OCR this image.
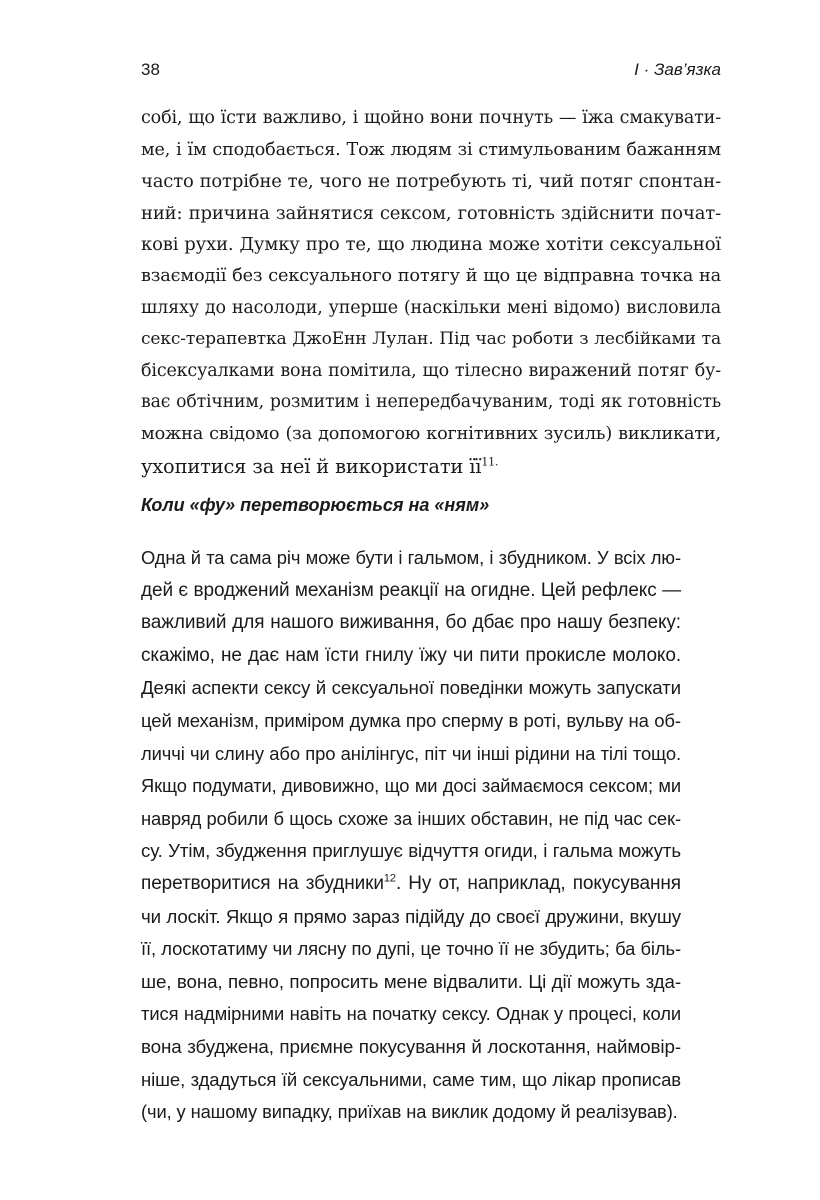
38	I · Зав’язка
собі, що їсти важливо, і щойно вони почнуть — їжа смакувати-
ме, і їм сподобається. Тож людям зі стимульованим бажанням
часто потрібне те, чого не потребують ті, чий потяг спонтан-
ний: причина зайнятися сексом, готовність здійснити почат-
кові рухи. Думку про те, що людина може хотіти сексуальної
взаємодії без сексуального потягу й що це відправна точка на
шляху до насолоди, уперше (наскільки мені відомо) висловила
секс-терапевтка ДжоЕнн Лулан. Під час роботи з лесбійками та
бісексуалками вона помітила, що тілесно виражений потяг бу-
ває обтічним, розмитим і непередбачуваним, тоді як готовність
можна свідомо (за допомогою когнітивних зусиль) викликати,
ухопитися за неї й використати $її^{11.}$
Коли «фу» перетворюється на «ням»
Одна й та сама річ може бути і гальмом, і збудником. У всіх лю-
дей є вроджений механізм реакції на огидне. Цей рефлекс —
важливий для нашого виживання, бо дбає про нашу безпеку:
скажімо, не дає нам їсти гнилу їжу чи пити прокисле молоко.
Деякі аспекти сексу й сексуальної поведінки можуть запускати
цей механізм, приміром думка про сперму в роті, вульву на об-
личчі чи слину або про анілінгус, піт чи інші рідини на тілі тощо.
Якщо подумати, дивовижно, що ми досі займаємося сексом; ми
навряд робили б щось схоже за інших обставин, не під час сек-
су. Утім, збудження приглушує відчуття огиди, і гальма можуть
перетворитися на збудники$^{12}$. Ну от, наприклад, покусування
чи лоскіт. Якщо я прямо зараз підійду до своєї дружини, вкушу
її, лоскотатиму чи лясну по дупі, це точно її не збудить; ба біль-
ше, вона, певно, попросить мене відвалити. Ці дії можуть зда-
тися надмірними навіть на початку сексу. Однак у процесі, коли
вона збуджена, приємне покусування й лоскотання, наймовір-
ніше, здадуться їй сексуальними, саме тим, що лікар прописав
(чи, у нашому випадку, приїхав на виклик додому й реалізував).
